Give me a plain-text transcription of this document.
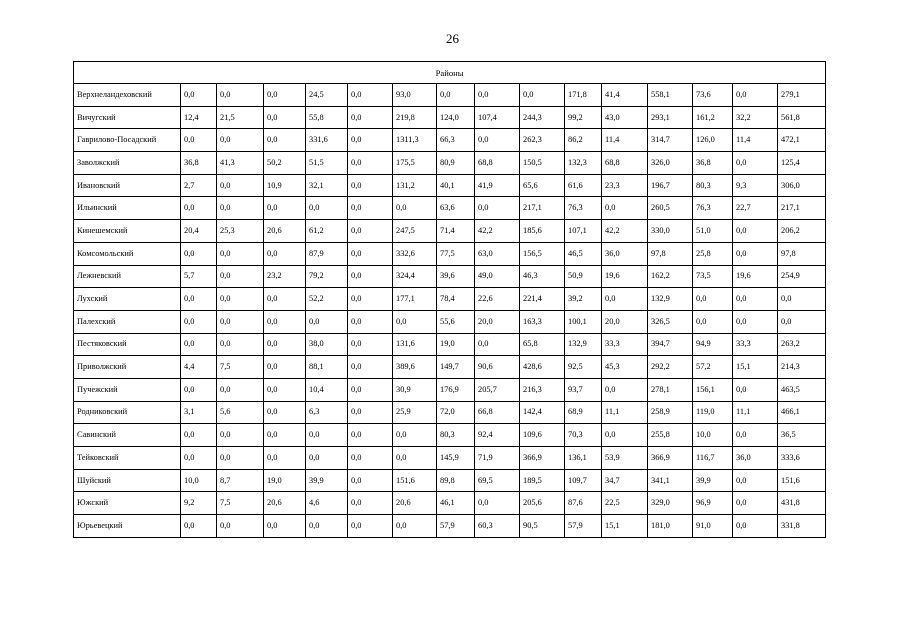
26
Районы															
Верхнеландеховский	0,0	0,0	0,0	24,5	0,0	93,0	0,0	0,0	0,0	171,8	41,4	558,1	73,6	0,0	279,1
Вичугский	12,4	21,5	0,0	55,8	0,0	219,8	124,0	107,4	244,3	99,2	43,0	293,1	161,2	32,2	561,8
Гаврилово-Посадский	0,0	0,0	0,0	331,6	0,0	1311,3	66,3	0,0	262,3	86,2	11,4	314,7	126,0	11,4	472,1
Заволжский	36,8	41,3	50,2	51,5	0,0	175,5	80,9	68,8	150,5	132,3	68,8	326,0	36,8	0,0	125,4
Ивановский	2,7	0,0	10,9	32,1	0,0	131,2	40,1	41,9	65,6	61,6	23,3	196,7	80,3	9,3	306,0
Ильинский	0,0	0,0	0,0	0,0	0,0	0,0	63,6	0,0	217,1	76,3	0,0	260,5	76,3	22,7	217,1
Кинешемский	20,4	25,3	20,6	61,2	0,0	247,5	71,4	42,2	185,6	107,1	42,2	330,0	51,0	0,0	206,2
Комсомольский	0,0	0,0	0,0	87,9	0,0	332,6	77,5	63,0	156,5	46,5	36,0	97,8	25,8	0,0	97,8
Лежневский	5,7	0,0	23,2	79,2	0,0	324,4	39,6	49,0	46,3	50,9	19,6	162,2	73,5	19,6	254,9
Лухский	0,0	0,0	0,0	52,2	0,0	177,1	78,4	22,6	221,4	39,2	0,0	132,9	0,0	0,0	0,0
Палехский	0,0	0,0	0,0	0,0	0,0	0,0	55,6	20,0	163,3	100,1	20,0	326,5	0,0	0,0	0,0
Пестяковский	0,0	0,0	0,0	38,0	0,0	131,6	19,0	0,0	65,8	132,9	33,3	394,7	94,9	33,3	263,2
Приволжский	4,4	7,5	0,0	88,1	0,0	389,6	149,7	90,6	428,6	92,5	45,3	292,2	57,2	15,1	214,3
Пучежский	0,0	0,0	0,0	10,4	0,0	30,9	176,9	205,7	216,3	93,7	0,0	278,1	156,1	0,0	463,5
Родниковский	3,1	5,6	0,0	6,3	0,0	25,9	72,0	66,8	142,4	68,9	11,1	258,9	119,0	11,1	466,1
Савинский	0,0	0,0	0,0	0,0	0,0	0,0	80,3	92,4	109,6	70,3	0,0	255,8	10,0	0,0	36,5
Тейковский	0,0	0,0	0,0	0,0	0,0	0,0	145,9	71,9	366,9	136,1	53,9	366,9	116,7	36,0	333,6
Шуйский	10,0	8,7	19,0	39,9	0,0	151,6	89,8	69,5	189,5	109,7	34,7	341,1	39,9	0,0	151,6
Южский	9,2	7,5	20,6	4,6	0,0	20,6	46,1	0,0	205,6	87,6	22,5	329,0	96,9	0,0	431,8
Юрьевецкий	0,0	0,0	0,0	0,0	0,0	0,0	57,9	60,3	90,5	57,9	15,1	181,0	91,0	0,0	331,8
